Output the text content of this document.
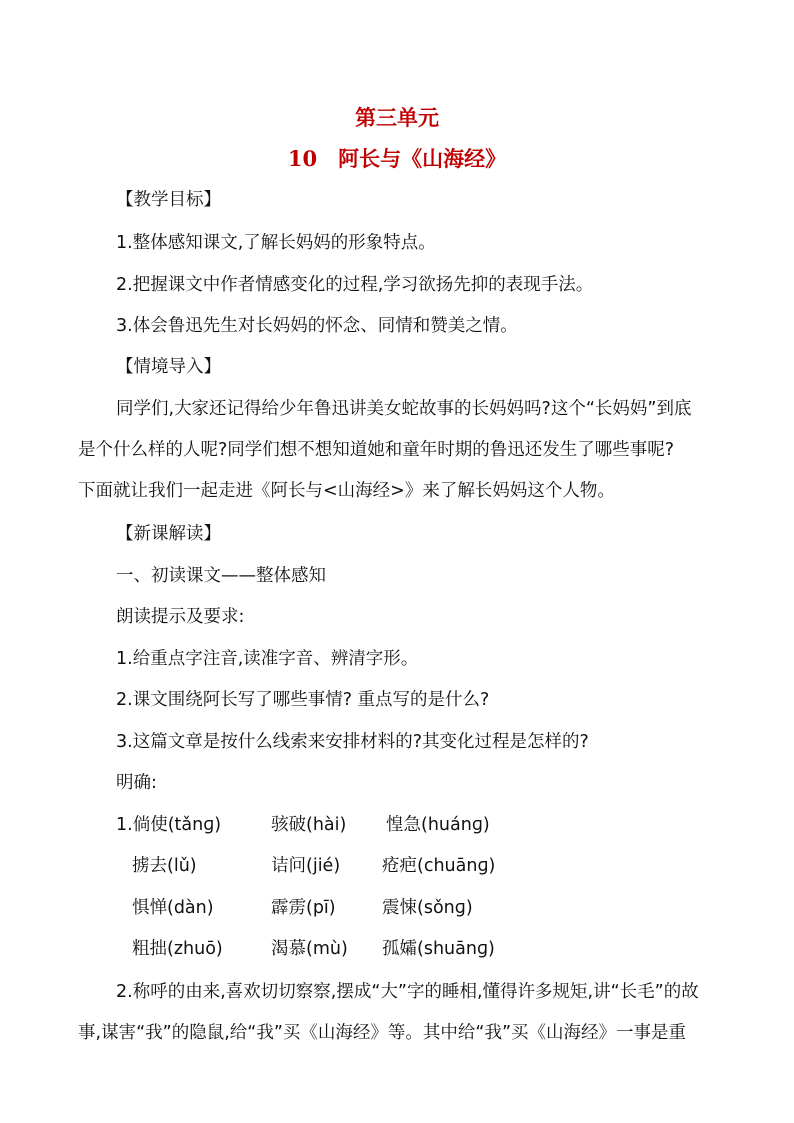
第三单元
10　阿长与《山海经》
【教学目标】
1.整体感知课文,了解长妈妈的形象特点。
2.把握课文中作者情感变化的过程,学习欲扬先抑的表现手法。
3.体会鲁迅先生对长妈妈的怀念、同情和赞美之情。
【情境导入】
同学们,大家还记得给少年鲁迅讲美女蛇故事的长妈妈吗?这个“长妈妈”到底
是个什么样的人呢?同学们想不想知道她和童年时期的鲁迅还发生了哪些事呢?
下面就让我们一起走进《阿长与<山海经>》来了解长妈妈这个人物。
【新课解读】
一、初读课文——整体感知
朗读提示及要求:
1.给重点字注音,读准字音、辨清字形。
2.课文围绕阿长写了哪些事情? 重点写的是什么?
3.这篇文章是按什么线索来安排材料的?其变化过程是怎样的?
明确:
1.倘使(tǎnɡ)	骇破(hài) 惶急(huánɡ)
掳去(lǔ)	诘问(jié) 疮疤(chuānɡ)
惧惮(dàn)	霹雳(pī)	震悚(sǒnɡ)
粗拙(zhuō)	渴慕(mù) 孤孀(shuānɡ)
2.称呼的由来,喜欢切切察察,摆成“大”字的睡相,懂得许多规矩,讲“长毛”的故
事,谋害“我”的隐鼠,给“我”买《山海经》等。其中给“我”买《山海经》一事是重
